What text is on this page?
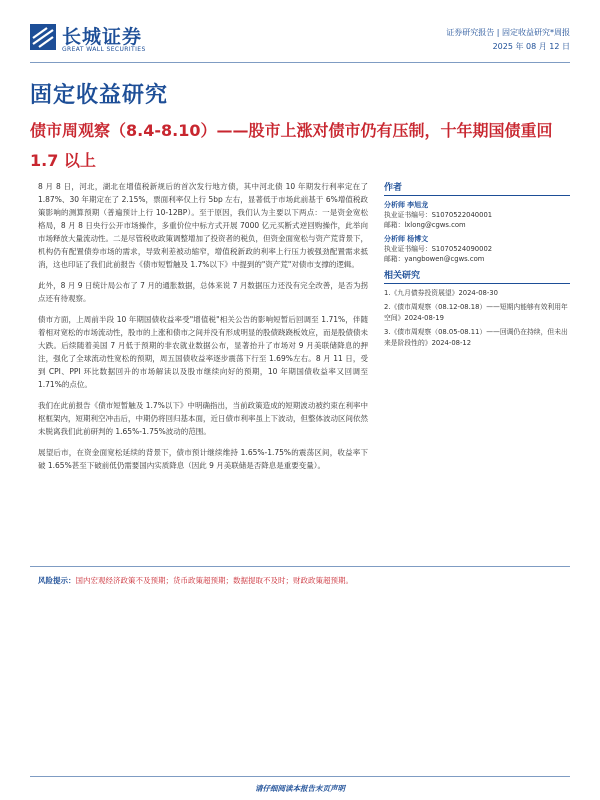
长城证券
GREAT WALL SECURITIES
证券研究报告 | 固定收益研究*周报
2025 年 08 月 12 日
固定收益研究
债市周观察（8.4-8.10）——股市上涨对债市仍有压制，十年期国债重回 1.7 以上

8 月 8 日，河北，湖北在增值税新规后的首次发行地方债，其中河北债 10 年期发行利率定在了 1.87%、30 年期定在了 2.15%，票面利率仅上行 5bp 左右，显著低于市场此前基于 6%增值税政策影响的测算预期（普遍预计上行 10-12BP）。至于原因，我们认为主要以下两点：一是资金宽松格局，8 月 8 日央行公开市场操作，多重价位中标方式开展 7000 亿元买断式逆回购操作，此举向市场释放大量流动性。二是尽管税收政策调整增加了投资者的税负，但资金面宽松与资产荒背景下，机构仍有配置债券市场的需求，导致利差被动缩窄，增值税新政的利率上行压力被强劲配置需求抵消，这也印证了我们此前报告《债市短暂触及 1.7%以下》中提到的"资产荒"对债市支撑的逻辑。

此外，8 月 9 日统计局公布了 7 月的通胀数据，总体来说 7 月数据压力还没有完全改善，是否为拐点还有待观察。

债市方面，上周前半段 10 年期国债收益率受"增值税"相关公告的影响短暂后回调至 1.71%，伴随着相对宽松的市场流动性，股市的上涨和债市之间并没有形成明显的股债跷跷板效应，而是股债债未大跌。后续随着美国 7 月低于预期的非农就业数据公布，显著抬升了市场对 9 月美联储降息的押注，强化了全球流动性宽松的预期，周五国债收益率逐步震荡下行至 1.69%左右。8 月 11 日，受到 CPI、PPI 环比数据回升的市场解读以及股市继续向好的预期，10 年期国债收益率又回调至 1.71%的点位。

我们在此前报告《债市短暂触及 1.7%以下》中明确指出，当前政策造成的短期波动被约束在利率中枢框架内，短期利空冲击后，中期仍将回归基本面，近日债市利率虽上下波动，但整体波动区间依然未脱离我们此前研判的 1.65%-1.75%波动的范围。

展望后市，在资金面宽松延续的背景下，债市预计继续维持 1.65%-1.75%的震荡区间，收益率下破 1.65%甚至下破前低仍需要国内实质降息（因此 9 月美联储是否降息是重要变量）。

作者
分析师 李旭龙
执业证书编号：S1070522040001
邮箱：lxlong@cgws.com
分析师 杨博文
执业证书编号：S1070524090002
邮箱：yangbowen@cgws.com
相关研究
1.《九月债券投资展望》2024-08-30
2.《债市周观察（08.12-08.18）——短期内能够有效利用年空间》2024-08-19
3.《债市周观察（08.05-08.11）——回调仍在持续，但未出来是阶段性的》2024-08-12
风险提示：国内宏观经济政策不及预期；货币政策超预期；数据提取不及时；财政政策超预期。
请仔细阅读本报告末页声明
